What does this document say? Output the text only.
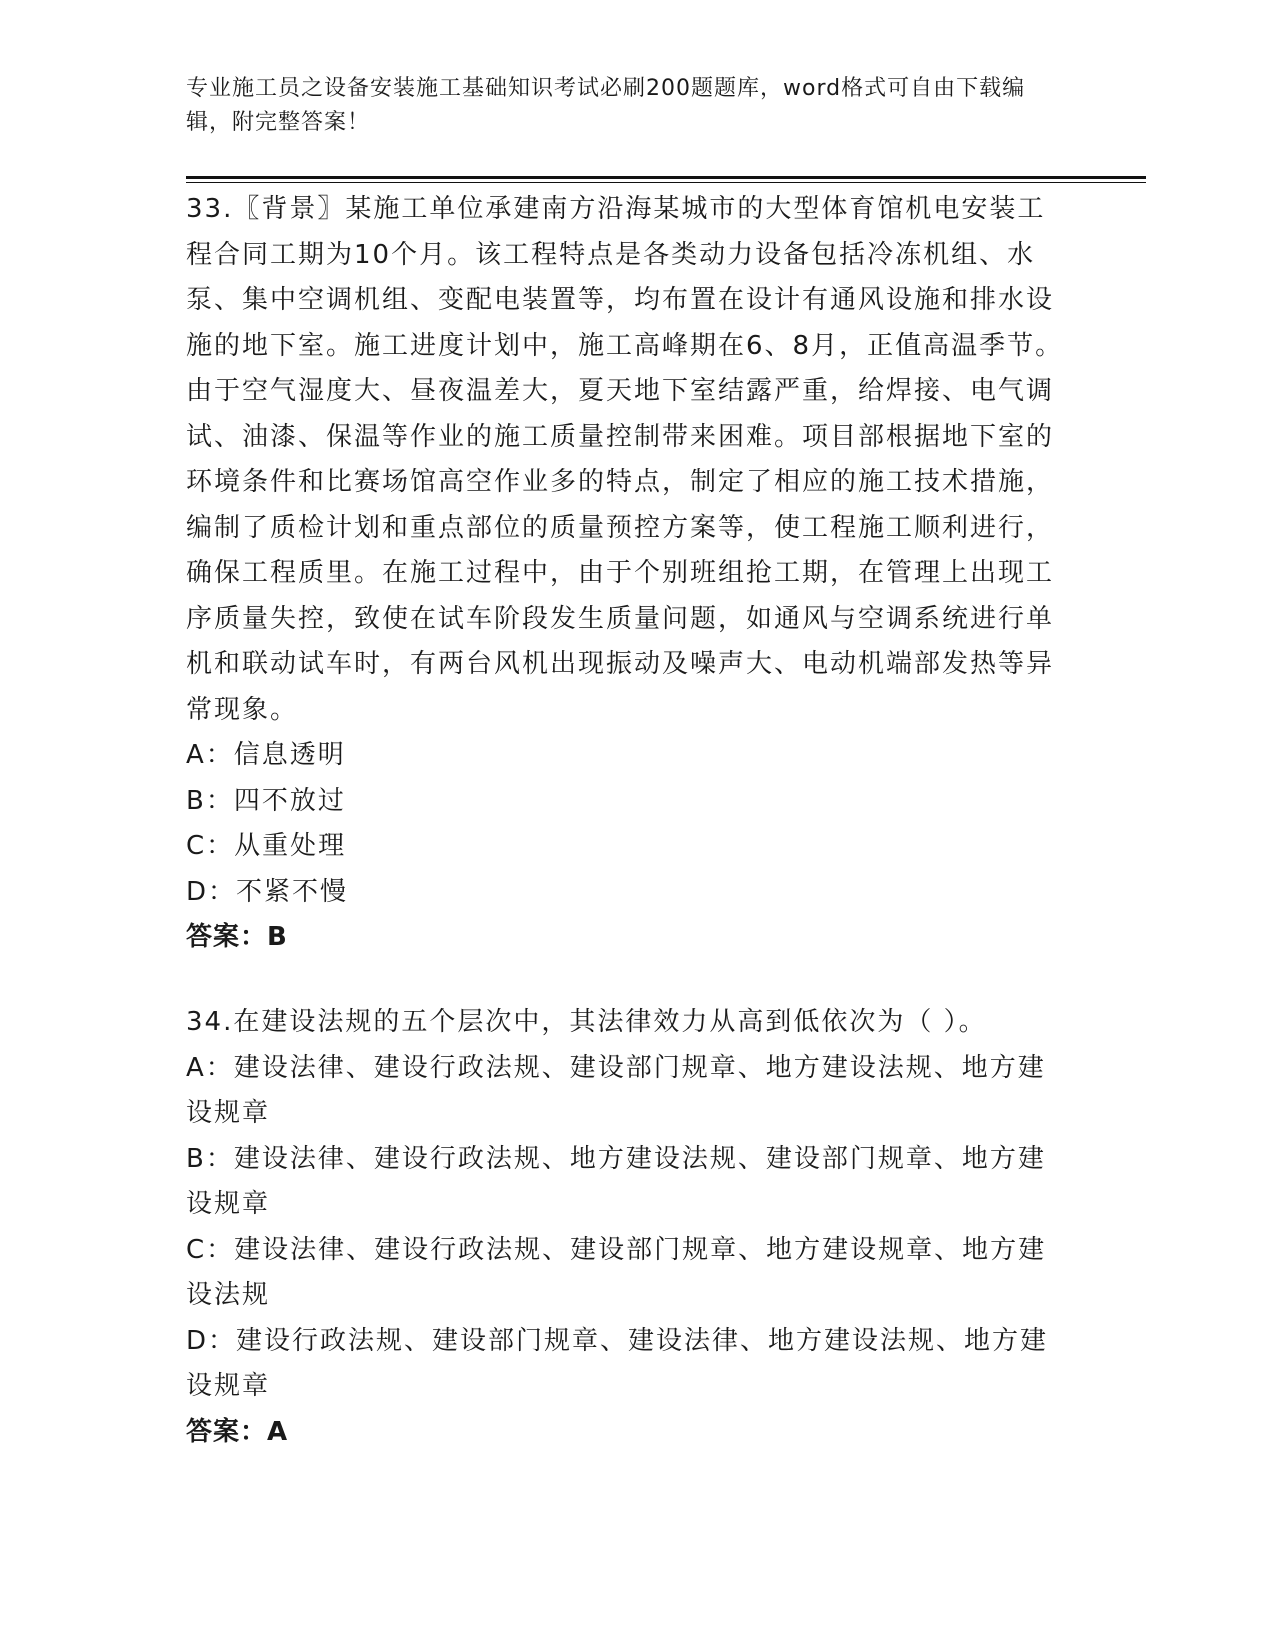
专业施工员之设备安装施工基础知识考试必刷200题题库，word格式可自由下载编辑，附完整答案！

33.〖背景〗某施工单位承建南方沿海某城市的大型体育馆机电安装工程合同工期为10个月。该工程特点是各类动力设备包括冷冻机组、水泵、集中空调机组、变配电装置等，均布置在设计有通风设施和排水设施的地下室。施工进度计划中，施工高峰期在6、8月，正值高温季节。由于空气湿度大、昼夜温差大，夏天地下室结露严重，给焊接、电气调试、油漆、保温等作业的施工质量控制带来困难。项目部根据地下室的环境条件和比赛场馆高空作业多的特点，制定了相应的施工技术措施，编制了质检计划和重点部位的质量预控方案等，使工程施工顺利进行，确保工程质里。在施工过程中，由于个别班组抢工期，在管理上出现工序质量失控，致使在试车阶段发生质量问题，如通风与空调系统进行单机和联动试车时，有两台风机出现振动及噪声大、电动机端部发热等异常现象。

A：信息透明

B：四不放过

C：从重处理

D：不紧不慢

答案：B

34.在建设法规的五个层次中，其法律效力从高到低依次为（ ）。

A：建设法律、建设行政法规、建设部门规章、地方建设法规、地方建设规章

B：建设法律、建设行政法规、地方建设法规、建设部门规章、地方建设规章

C：建设法律、建设行政法规、建设部门规章、地方建设规章、地方建设法规

D：建设行政法规、建设部门规章、建设法律、地方建设法规、地方建设规章

答案：A
